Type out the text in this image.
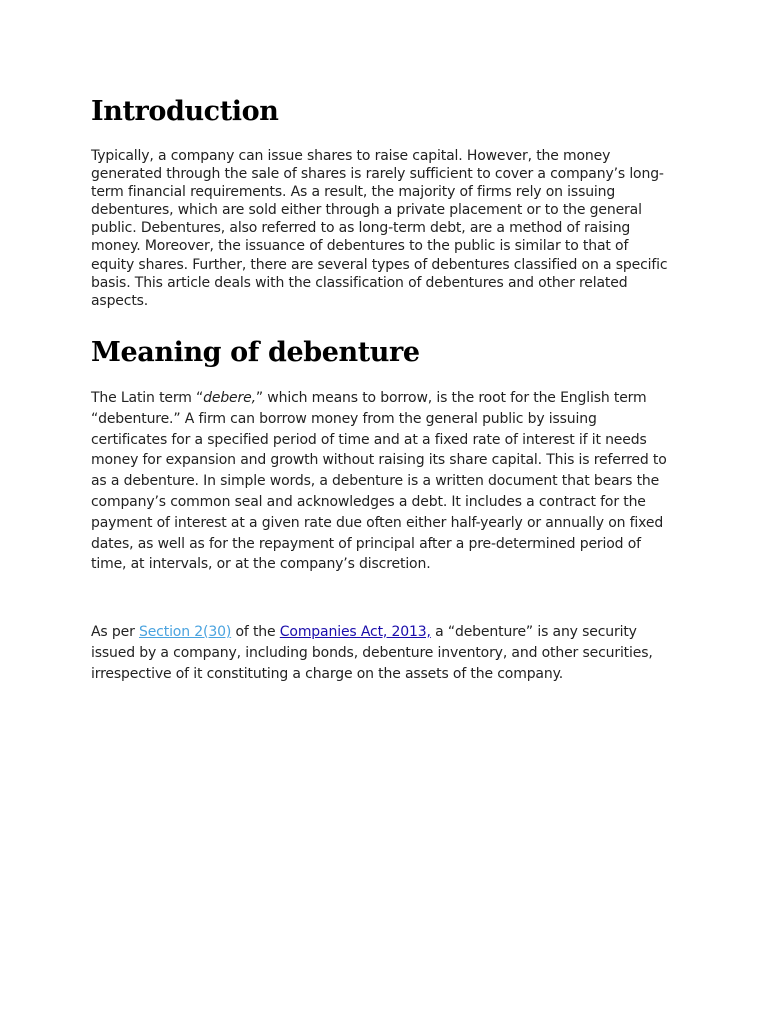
Introduction

Typically, a company can issue shares to raise capital. However, the money generated through the sale of shares is rarely sufficient to cover a company’s long-term financial requirements. As a result, the majority of firms rely on issuing debentures, which are sold either through a private placement or to the general public. Debentures, also referred to as long-term debt, are a method of raising money. Moreover, the issuance of debentures to the public is similar to that of equity shares. Further, there are several types of debentures classified on a specific basis. This article deals with the classification of debentures and other related aspects.

Meaning of debenture

The Latin term “debere,” which means to borrow, is the root for the English term “debenture.” A firm can borrow money from the general public by issuing certificates for a specified period of time and at a fixed rate of interest if it needs money for expansion and growth without raising its share capital. This is referred to as a debenture. In simple words, a debenture is a written document that bears the company’s common seal and acknowledges a debt. It includes a contract for the payment of interest at a given rate due often either half-yearly or annually on fixed dates, as well as for the repayment of principal after a pre-determined period of time, at intervals, or at the company’s discretion.

As per Section 2(30) of the Companies Act, 2013, a “debenture” is any security issued by a company, including bonds, debenture inventory, and other securities, irrespective of it constituting a charge on the assets of the company.
